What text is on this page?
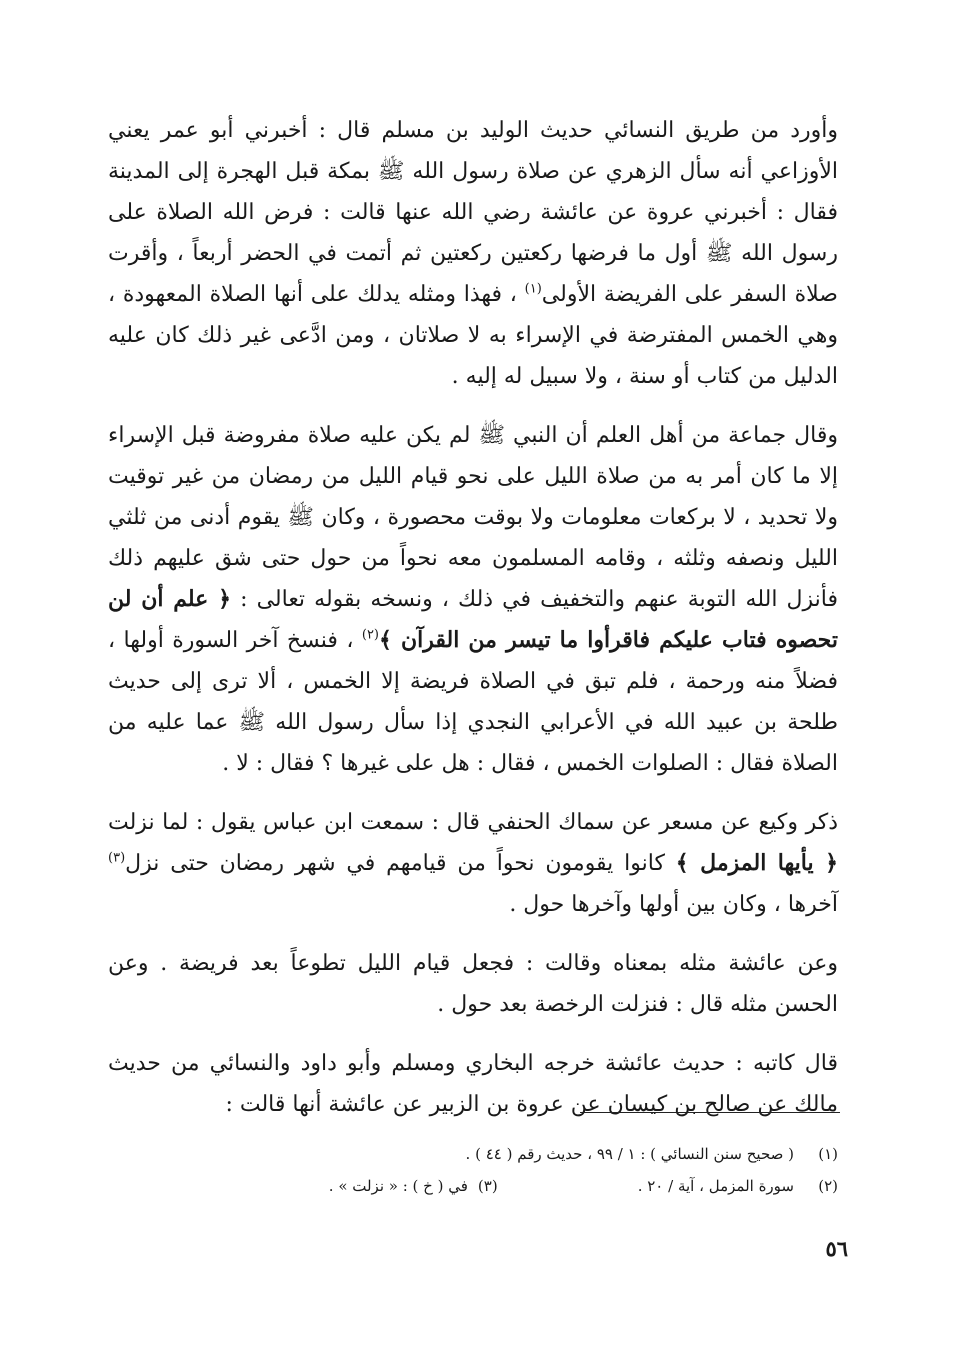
وأورد من طريق النسائي حديث الوليد بن مسلم قال : أخبرني أبو عمر يعني الأوزاعي أنه سأل الزهري عن صلاة رسول الله ﷺ بمكة قبل الهجرة إلى المدينة فقال : أخبرني عروة عن عائشة رضي الله عنها قالت : فرض الله الصلاة على رسول الله ﷺ أول ما فرضها ركعتين ركعتين ثم أتمت في الحضر أربعاً ، وأقرت صلاة السفر على الفريضة الأولى$^{(١)}$ ، فهذا ومثله يدلك على أنها الصلاة المعهودة ، وهي الخمس المفترضة في الإسراء به لا صلاتان ، ومن ادَّعى غير ذلك كان عليه الدليل من كتاب أو سنة ، ولا سبيل له إليه .

وقال جماعة من أهل العلم أن النبي ﷺ لم يكن عليه صلاة مفروضة قبل الإسراء إلا ما كان أمر به من صلاة الليل على نحو قيام الليل من رمضان من غير توقيت ولا تحديد ، لا بركعات معلومات ولا بوقت محصورة ، وكان ﷺ يقوم أدنى من ثلثي الليل ونصفه وثلثه ، وقامه المسلمون معه نحواً من حول حتى شق عليهم ذلك فأنزل الله التوبة عنهم والتخفيف في ذلك ، ونسخه بقوله تعالى : ﴿ علم أن لن تحصوه فتاب عليكم فاقرأوا ما تيسر من القرآن ﴾$^{(٢)}$ ، فنسخ آخر السورة أولها ، فضلاً منه ورحمة ، فلم تبق في الصلاة فريضة إلا الخمس ، ألا ترى إلى حديث طلحة بن عبيد الله في الأعرابي النجدي إذا سأل رسول الله ﷺ عما عليه من الصلاة فقال : الصلوات الخمس ، فقال : هل على غيرها ؟ فقال : لا .

ذكر وكيع عن مسعر عن سماك الحنفي قال : سمعت ابن عباس يقول : لما نزلت ﴿ يأيها المزمل ﴾ كانوا يقومون نحواً من قيامهم في شهر رمضان حتى نزل$^{(٣)}$ آخرها ، وكان بين أولها وآخرها حول .

وعن عائشة مثله بمعناه وقالت : فجعل قيام الليل تطوعاً بعد فريضة . وعن الحسن مثله قال : فنزلت الرخصة بعد حول .

قال كاتبه : حديث عائشة خرجه البخاري ومسلم وأبو داود والنسائي من حديث مالك عن صالح بن كيسان عن عروة بن الزبير عن عائشة أنها قالت :

(١)
( صحيح سنن النسائي ) : ١ / ٩٩ ، حديث رقم ( ٤٤ ) .
(٢)
سورة المزمل ، آية / ٢٠ .
(٣)
في ( خ ) : « نزلت » .
٥٦
